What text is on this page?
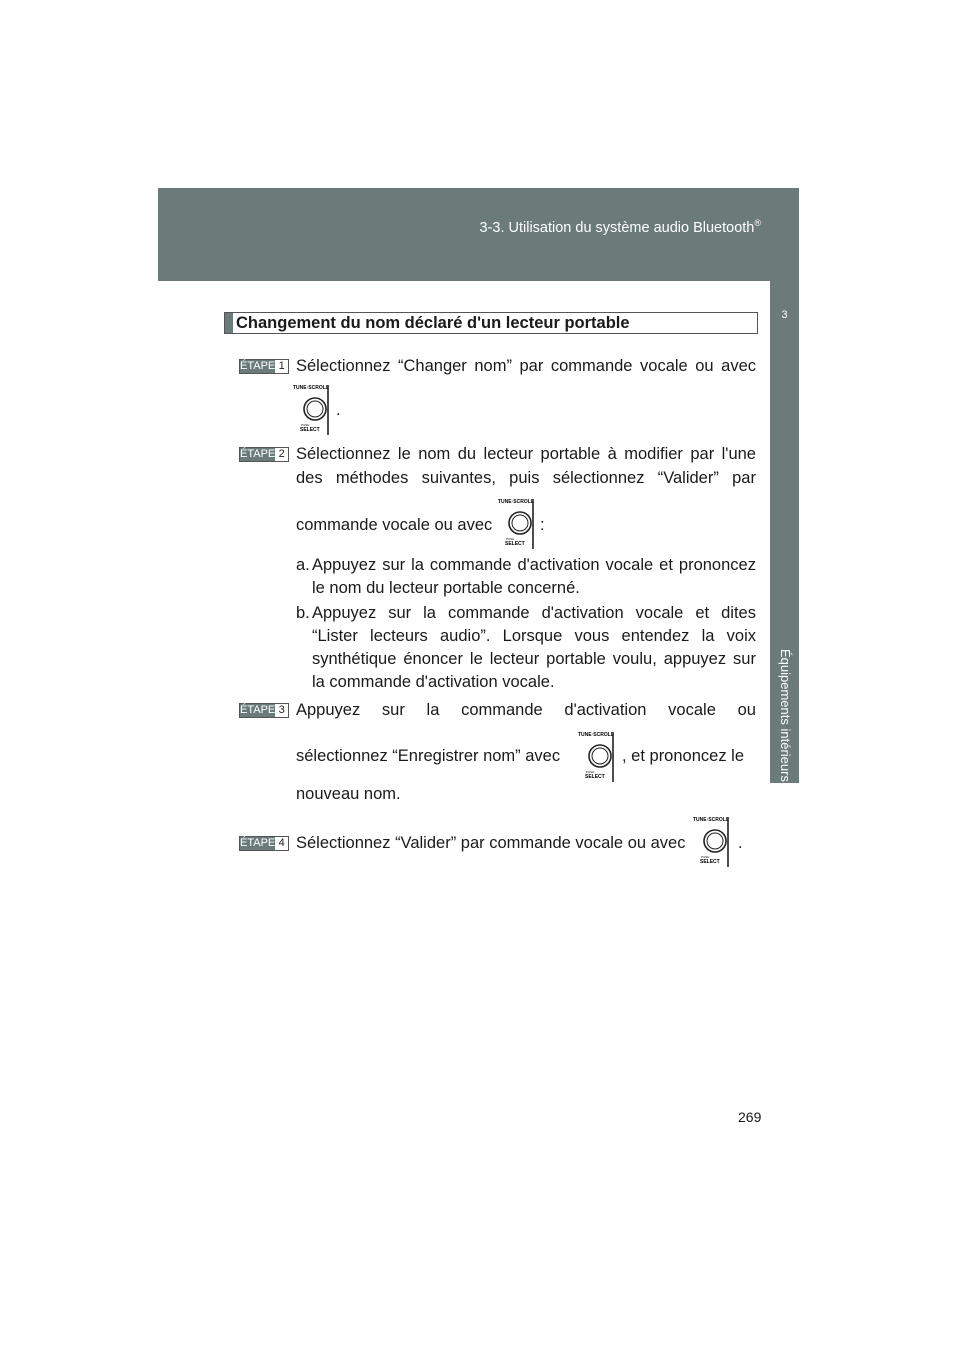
3-3. Utilisation du système audio Bluetooth®
3
Équipements intérieurs
Changement du nom déclaré d'un lecteur portable
ÉTAPE 1 Sélectionnez “Changer nom” par commande vocale ou avec
TUNE·SCROLL
PUSH
SELECT
.
ÉTAPE 2 Sélectionnez le nom du lecteur portable à modifier par l'une
des méthodes suivantes, puis sélectionnez “Valider” par
commande vocale ou avec
TUNE·SCROLL
PUSH
SELECT
:
a. Appuyez sur la commande d'activation vocale et prononcez
le nom du lecteur portable concerné.
b. Appuyez sur la commande d'activation vocale et dites
“Lister lecteurs audio”. Lorsque vous entendez la voix
synthétique énoncer le lecteur portable voulu, appuyez sur
la commande d'activation vocale.
ÉTAPE 3 Appuyez sur la commande d'activation vocale ou
sélectionnez “Enregistrer nom” avec
TUNE·SCROLL
PUSH
SELECT
, et prononcez le
nouveau nom.
ÉTAPE 4 Sélectionnez “Valider” par commande vocale ou avec
TUNE·SCROLL
PUSH
SELECT
.
269
